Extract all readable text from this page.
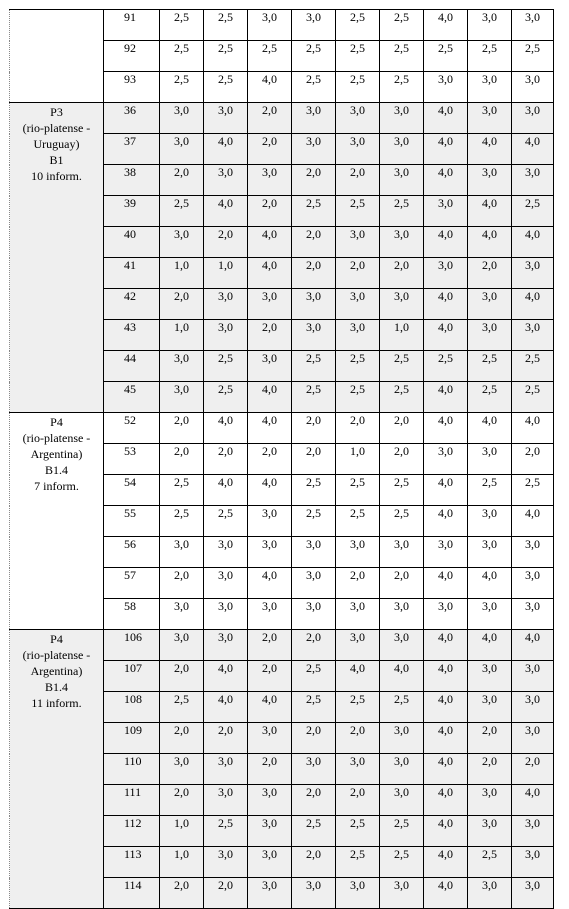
	91	2,5	2,5	3,0	3,0	2,5	2,5	4,0	3,0	3,0
	92	2,5	2,5	2,5	2,5	2,5	2,5	2,5	2,5	2,5
	93	2,5	2,5	4,0	2,5	2,5	2,5	3,0	3,0	3,0

P3
(rio-platense -
Uruguay)
B1
10 inform.	36	3,0	3,0	2,0	3,0	3,0	3,0	4,0	3,0	3,0
	37	3,0	4,0	2,0	3,0	3,0	3,0	4,0	4,0	4,0
	38	2,0	3,0	3,0	2,0	2,0	3,0	4,0	3,0	3,0
	39	2,5	4,0	2,0	2,5	2,5	2,5	3,0	4,0	2,5
	40	3,0	2,0	4,0	2,0	3,0	3,0	4,0	4,0	4,0
	41	1,0	1,0	4,0	2,0	2,0	2,0	3,0	2,0	3,0
	42	2,0	3,0	3,0	3,0	3,0	3,0	4,0	3,0	4,0
	43	1,0	3,0	2,0	3,0	3,0	1,0	4,0	3,0	3,0
	44	3,0	2,5	3,0	2,5	2,5	2,5	2,5	2,5	2,5
	45	3,0	2,5	4,0	2,5	2,5	2,5	4,0	2,5	2,5

P4
(rio-platense -
Argentina)
B1.4
7 inform.	52	2,0	4,0	4,0	2,0	2,0	2,0	4,0	4,0	4,0
	53	2,0	2,0	2,0	2,0	1,0	2,0	3,0	3,0	2,0
	54	2,5	4,0	4,0	2,5	2,5	2,5	4,0	2,5	2,5
	55	2,5	2,5	3,0	2,5	2,5	2,5	4,0	3,0	4,0
	56	3,0	3,0	3,0	3,0	3,0	3,0	3,0	3,0	3,0
	57	2,0	3,0	4,0	3,0	2,0	2,0	4,0	4,0	3,0
	58	3,0	3,0	3,0	3,0	3,0	3,0	3,0	3,0	3,0

P4
(rio-platense -
Argentina)
B1.4
11 inform.	106	3,0	3,0	2,0	2,0	3,0	3,0	4,0	4,0	4,0
	107	2,0	4,0	2,0	2,5	4,0	4,0	4,0	3,0	3,0
	108	2,5	4,0	4,0	2,5	2,5	2,5	4,0	3,0	3,0
	109	2,0	2,0	3,0	2,0	2,0	3,0	4,0	2,0	3,0
	110	3,0	3,0	2,0	3,0	3,0	3,0	4,0	2,0	2,0
	111	2,0	3,0	3,0	2,0	2,0	3,0	4,0	3,0	4,0
	112	1,0	2,5	3,0	2,5	2,5	2,5	4,0	3,0	3,0
	113	1,0	3,0	3,0	2,0	2,5	2,5	4,0	2,5	3,0
	114	2,0	2,0	3,0	3,0	3,0	3,0	4,0	3,0	3,0
